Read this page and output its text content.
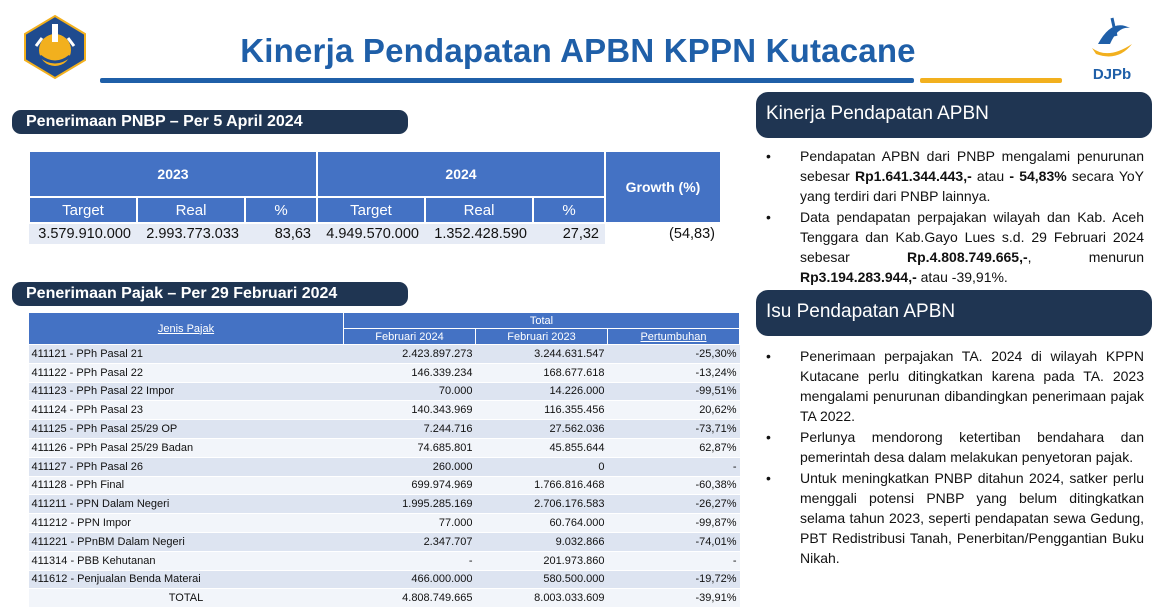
Kinerja Pendapatan APBN KPPN Kutacane
DJPb
Penerimaan PNBP – Per 5 April 2024
2023			2024			Growth (%)
Target	Real	%	Target	Real	%	
3.579.910.000	2.993.773.033	83,63	4.949.570.000	1.352.428.590	27,32	(54,83)
Penerimaan Pajak – Per 29 Februari 2024
Jenis Pajak	Total		
	Februari 2024	Februari 2023	Pertumbuhan
411121 - PPh Pasal 21	2.423.897.273	3.244.631.547	-25,30%
411122 - PPh Pasal 22	146.339.234	168.677.618	-13,24%
411123 - PPh Pasal 22 Impor	70.000	14.226.000	-99,51%
411124 - PPh Pasal 23	140.343.969	116.355.456	20,62%
411125 - PPh Pasal 25/29 OP	7.244.716	27.562.036	-73,71%
411126 - PPh Pasal 25/29 Badan	74.685.801	45.855.644	62,87%
411127 - PPh Pasal 26	260.000	0	-
411128 - PPh Final	699.974.969	1.766.816.468	-60,38%
411211 - PPN Dalam Negeri	1.995.285.169	2.706.176.583	-26,27%
411212 - PPN Impor	77.000	60.764.000	-99,87%
411221 - PPnBM Dalam Negeri	2.347.707	9.032.866	-74,01%
411314 - PBB Kehutanan	-	201.973.860	-
411612 - Penjualan Benda Materai	466.000.000	580.500.000	-19,72%
TOTAL	4.808.749.665	8.003.033.609	-39,91%
Kinerja Pendapatan APBN
• Pendapatan APBN dari PNBP mengalami penurunan sebesar Rp1.641.344.443,- atau - 54,83% secara YoY yang terdiri dari PNBP lainnya.
• Data pendapatan perpajakan wilayah dan Kab. Aceh Tenggara dan Kab.Gayo Lues s.d. 29 Februari 2024 sebesar Rp.4.808.749.665,-, menurun Rp3.194.283.944,- atau -39,91%.
Isu Pendapatan APBN
• Penerimaan perpajakan TA. 2024 di wilayah KPPN Kutacane perlu ditingkatkan karena pada TA. 2023 mengalami penurunan dibandingkan penerimaan pajak TA 2022.
• Perlunya mendorong ketertiban bendahara dan pemerintah desa dalam melakukan penyetoran pajak.
• Untuk meningkatkan PNBP ditahun 2024, satker perlu menggali potensi PNBP yang belum ditingkatkan selama tahun 2023, seperti pendapatan sewa Gedung, PBT Redistribusi Tanah, Penerbitan/Penggantian Buku Nikah.
